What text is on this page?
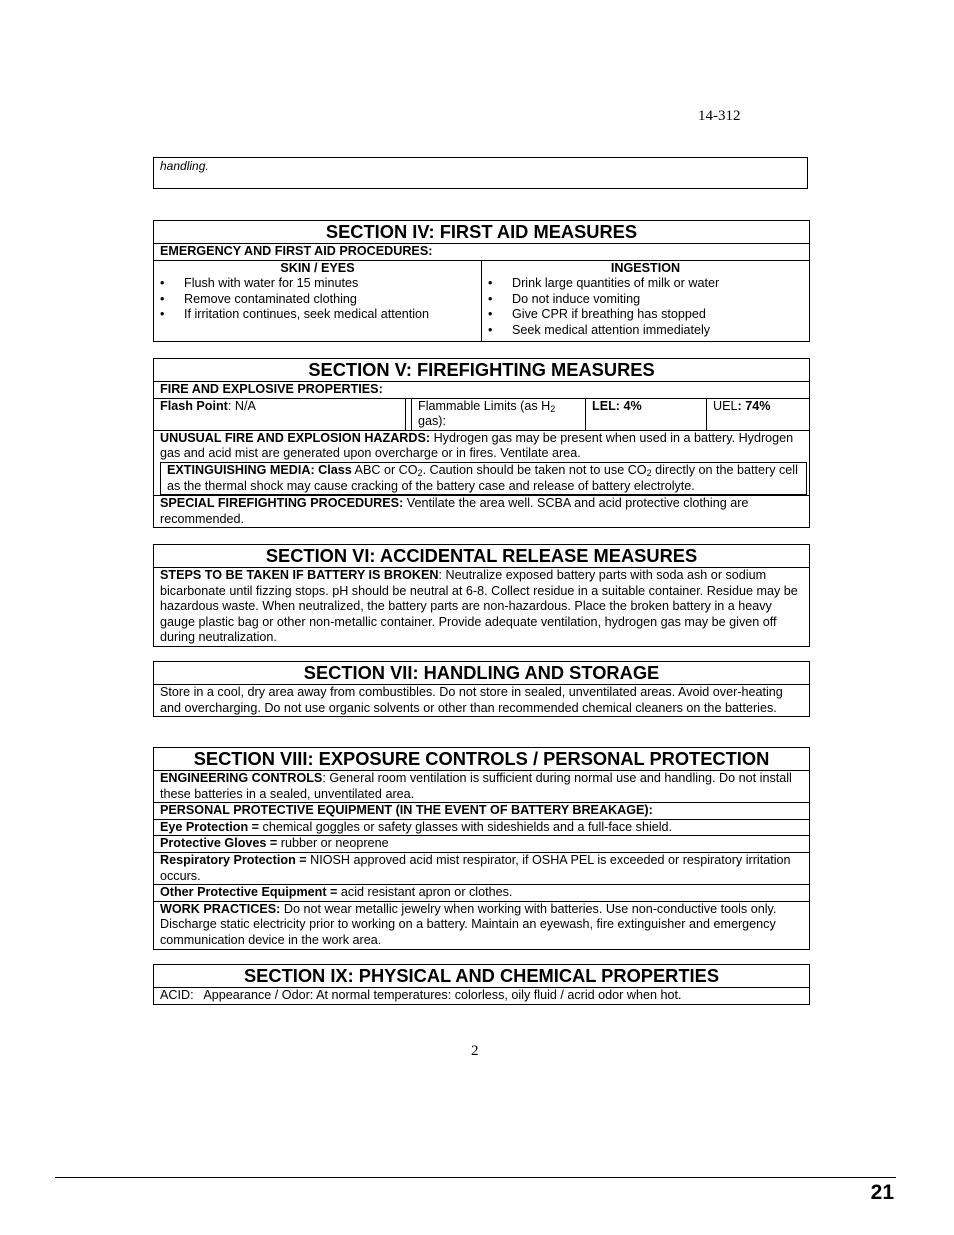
14-312
handling.
SECTION IV: FIRST AID MEASURES
EMERGENCY AND FIRST AID PROCEDURES:
SKIN / EYES
• Flush with water for 15 minutes
• Remove contaminated clothing
• If irritation continues, seek medical attention
INGESTION
• Drink large quantities of milk or water
• Do not induce vomiting
• Give CPR if breathing has stopped
• Seek medical attention immediately
SECTION V: FIREFIGHTING MEASURES
FIRE AND EXPLOSIVE PROPERTIES:
Flash Point: N/A	Flammable Limits (as $H_2$
gas):
LEL: 4%	UEL: 74%
UNUSUAL FIRE AND EXPLOSION HAZARDS: Hydrogen gas may be present when used in a battery. Hydrogen gas and acid mist are generated upon overcharge or in fires. Ventilate area.
EXTINGUISHING MEDIA: Class ABC or $CO_2$. Caution should be taken not to use $CO_2$ directly on the battery cell as the thermal shock may cause cracking of the battery case and release of battery electrolyte.
SPECIAL FIREFIGHTING PROCEDURES: Ventilate the area well. SCBA and acid protective clothing are recommended.
SECTION VI: ACCIDENTAL RELEASE MEASURES
STEPS TO BE TAKEN IF BATTERY IS BROKEN: Neutralize exposed battery parts with soda ash or sodium bicarbonate until fizzing stops. pH should be neutral at 6-8. Collect residue in a suitable container. Residue may be hazardous waste. When neutralized, the battery parts are non-hazardous. Place the broken battery in a heavy gauge plastic bag or other non-metallic container. Provide adequate ventilation, hydrogen gas may be given off during neutralization.
SECTION VII: HANDLING AND STORAGE
Store in a cool, dry area away from combustibles. Do not store in sealed, unventilated areas. Avoid over-heating and overcharging. Do not use organic solvents or other than recommended chemical cleaners on the batteries.
SECTION VIII: EXPOSURE CONTROLS / PERSONAL PROTECTION
ENGINEERING CONTROLS: General room ventilation is sufficient during normal use and handling. Do not install these batteries in a sealed, unventilated area.
PERSONAL PROTECTIVE EQUIPMENT (IN THE EVENT OF BATTERY BREAKAGE):
Eye Protection = chemical goggles or safety glasses with sideshields and a full-face shield.
Protective Gloves = rubber or neoprene
Respiratory Protection = NIOSH approved acid mist respirator, if OSHA PEL is exceeded or respiratory irritation occurs.
Other Protective Equipment = acid resistant apron or clothes.
WORK PRACTICES: Do not wear metallic jewelry when working with batteries. Use non-conductive tools only. Discharge static electricity prior to working on a battery. Maintain an eyewash, fire extinguisher and emergency communication device in the work area.
SECTION IX: PHYSICAL AND CHEMICAL PROPERTIES
ACID:   Appearance / Odor: At normal temperatures: colorless, oily fluid / acrid odor when hot.
2
21
